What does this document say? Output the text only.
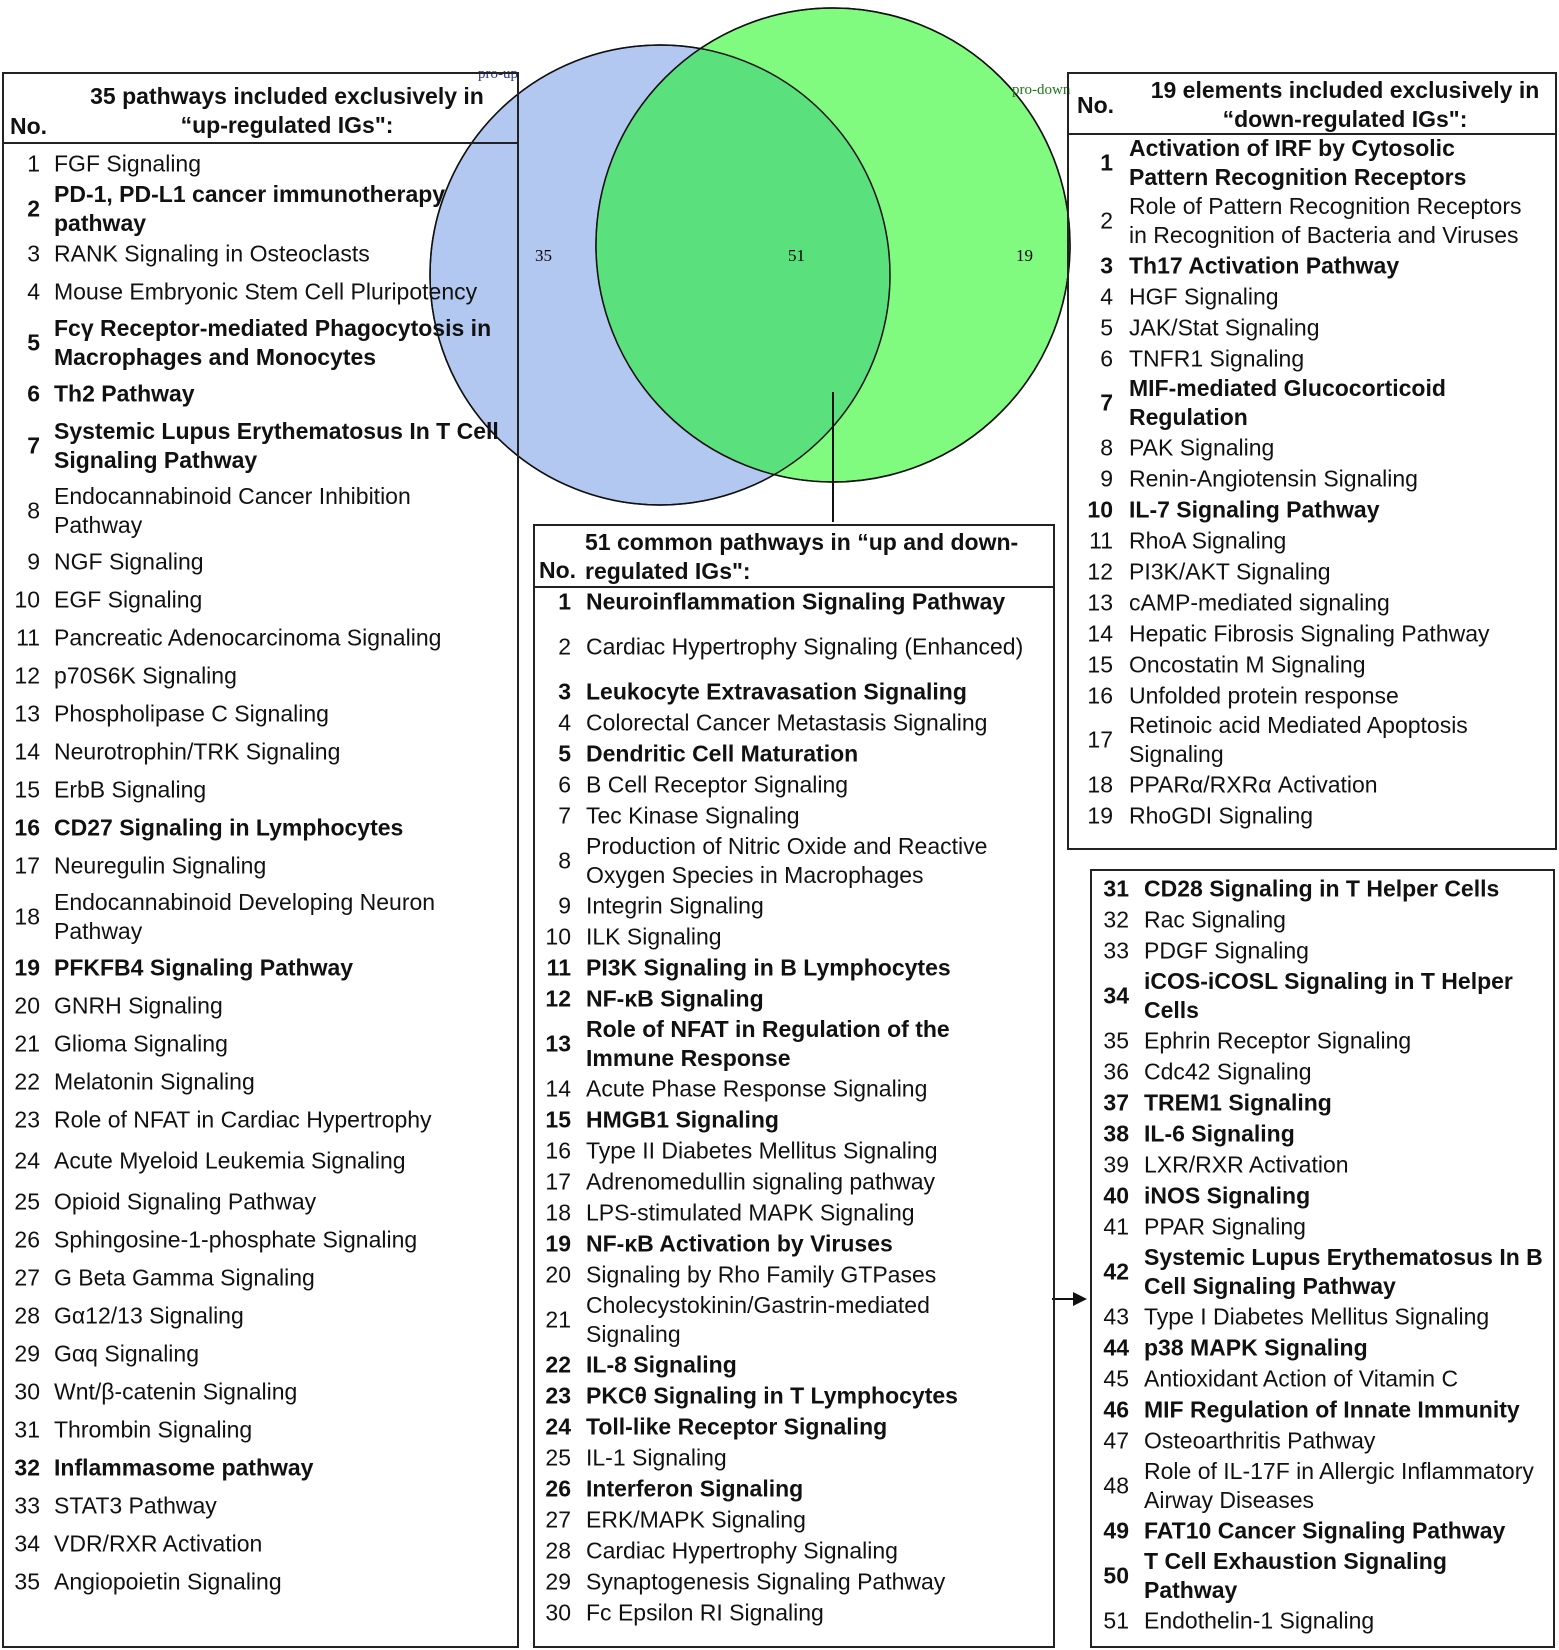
pro-up
pro-down
35	51	19
No.
35 pathways included exclusively in “up-regulated IGs":
1 FGF Signaling
2
PD-1, PD-L1 cancer immunotherapy pathway
3 RANK Signaling in Osteoclasts
4 Mouse Embryonic Stem Cell Pluripotency
5
Fcγ Receptor-mediated Phagocytosis in Macrophages and Monocytes
6 Th2 Pathway
7
Systemic Lupus Erythematosus In T Cell Signaling Pathway
8
Endocannabinoid Cancer Inhibition Pathway
9 NGF Signaling
10 EGF Signaling
11 Pancreatic Adenocarcinoma Signaling
12 p70S6K Signaling
13 Phospholipase C Signaling
14 Neurotrophin/TRK Signaling
15 ErbB Signaling
16 CD27 Signaling in Lymphocytes
17 Neuregulin Signaling
18
Endocannabinoid Developing Neuron Pathway
19 PFKFB4 Signaling Pathway
20 GNRH Signaling
21 Glioma Signaling
22 Melatonin Signaling
23 Role of NFAT in Cardiac Hypertrophy
24 Acute Myeloid Leukemia Signaling
25 Opioid Signaling Pathway
26 Sphingosine-1-phosphate Signaling
27 G Beta Gamma Signaling
28 Gα12/13 Signaling
29 Gαq Signaling
30 Wnt/β-catenin Signaling
31 Thrombin Signaling
32 Inflammasome pathway
33 STAT3 Pathway
34 VDR/RXR Activation
35 Angiopoietin Signaling
No.
19 elements included exclusively in “down-regulated IGs":
1
Activation of IRF by Cytosolic Pattern Recognition Receptors
2
Role of Pattern Recognition Receptors in Recognition of Bacteria and Viruses
3 Th17 Activation Pathway
4 HGF Signaling
5 JAK/Stat Signaling
6 TNFR1 Signaling
7
MIF-mediated Glucocorticoid Regulation
8 PAK Signaling
9 Renin-Angiotensin Signaling
10 IL-7 Signaling Pathway
11 RhoA Signaling
12 PI3K/AKT Signaling
13 cAMP-mediated signaling
14 Hepatic Fibrosis Signaling Pathway
15 Oncostatin M Signaling
16 Unfolded protein response
17
Retinoic acid Mediated Apoptosis Signaling
18 PPARα/RXRα Activation
19 RhoGDI Signaling
No.
51 common pathways in “up and down-regulated IGs":
1 Neuroinflammation Signaling Pathway
2 Cardiac Hypertrophy Signaling (Enhanced)
3 Leukocyte Extravasation Signaling
4 Colorectal Cancer Metastasis Signaling
5 Dendritic Cell Maturation
6 B Cell Receptor Signaling
7 Tec Kinase Signaling
8
Production of Nitric Oxide and Reactive Oxygen Species in Macrophages
9 Integrin Signaling
10 ILK Signaling
11 PI3K Signaling in B Lymphocytes
12 NF-κB Signaling
13
Role of NFAT in Regulation of the Immune Response
14 Acute Phase Response Signaling
15 HMGB1 Signaling
16 Type II Diabetes Mellitus Signaling
17 Adrenomedullin signaling pathway
18 LPS-stimulated MAPK Signaling
19 NF-κB Activation by Viruses
20 Signaling by Rho Family GTPases
21
Cholecystokinin/Gastrin-mediated Signaling
22 IL-8 Signaling
23 PKCθ Signaling in T Lymphocytes
24 Toll-like Receptor Signaling
25 IL-1 Signaling
26 Interferon Signaling
27 ERK/MAPK Signaling
28 Cardiac Hypertrophy Signaling
29 Synaptogenesis Signaling Pathway
30 Fc Epsilon RI Signaling
31 CD28 Signaling in T Helper Cells
32 Rac Signaling
33 PDGF Signaling
34
iCOS-iCOSL Signaling in T Helper Cells
35 Ephrin Receptor Signaling
36 Cdc42 Signaling
37 TREM1 Signaling
38 IL-6 Signaling
39 LXR/RXR Activation
40 iNOS Signaling
41 PPAR Signaling
42
Systemic Lupus Erythematosus In B Cell Signaling Pathway
43 Type I Diabetes Mellitus Signaling
44 p38 MAPK Signaling
45 Antioxidant Action of Vitamin C
46 MIF Regulation of Innate Immunity
47 Osteoarthritis Pathway
48
Role of IL-17F in Allergic Inflammatory Airway Diseases
49 FAT10 Cancer Signaling Pathway
50
T Cell Exhaustion Signaling Pathway
51 Endothelin-1 Signaling
